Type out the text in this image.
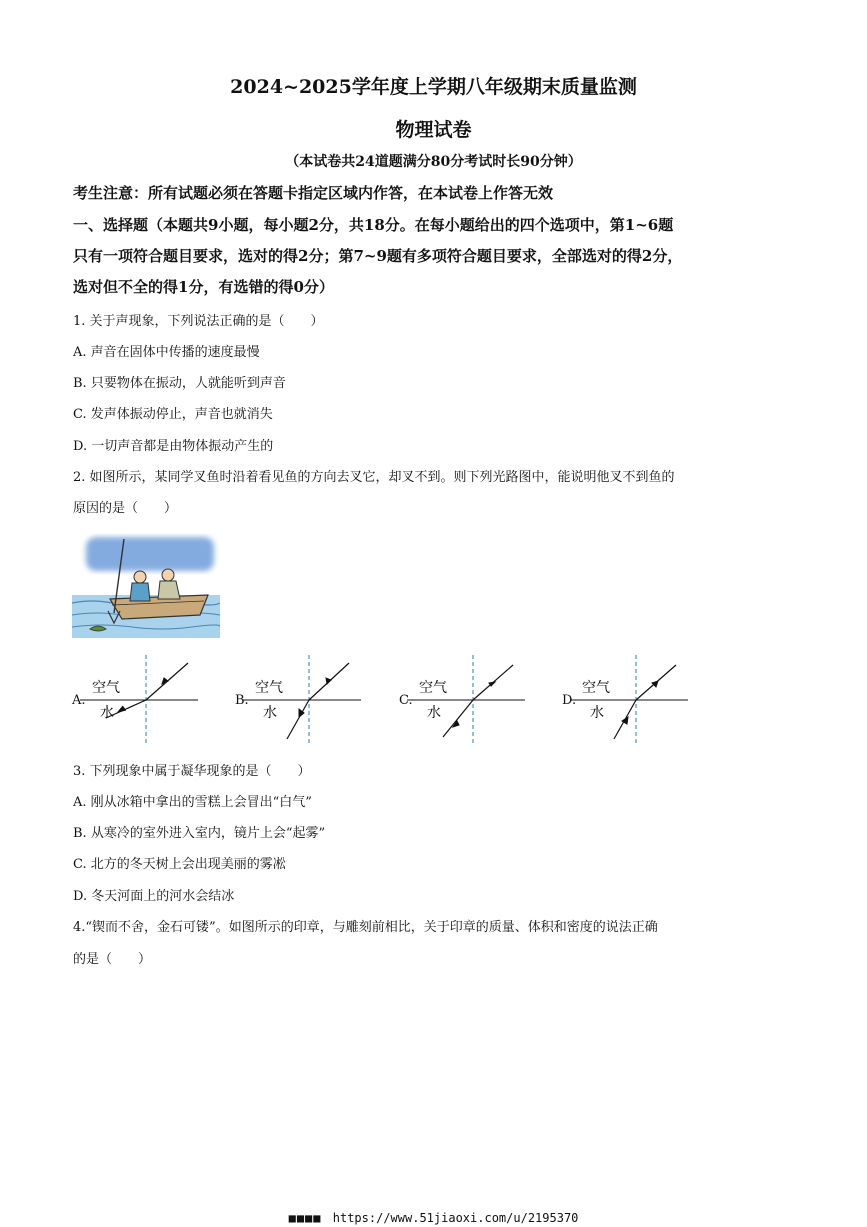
2024~2025学年度上学期八年级期末质量监测
物理试卷
（本试卷共24道题满分80分考试时长90分钟）
考生注意：所有试题必须在答题卡指定区域内作答，在本试卷上作答无效
一、选择题（本题共9小题，每小题2分，共18分。在每小题给出的四个选项中，第1~6题
只有一项符合题目要求，选对的得2分；第7~9题有多项符合题目要求，全部选对的得2分，
选对但不全的得1分，有选错的得0分）
1. 关于声现象，下列说法正确的是（　　）
A. 声音在固体中传播的速度最慢
B. 只要物体在振动，人就能听到声音
C. 发声体振动停止，声音也就消失
D. 一切声音都是由物体振动产生的
2. 如图所示，某同学叉鱼时沿着看见鱼的方向去叉它，却叉不到。则下列光路图中，能说明他叉不到鱼的
原因的是（　　）
A.
空气
水
B.
空气
水
C.
空气
水
D.
空气
水
3. 下列现象中属于凝华现象的是（　　）
A. 刚从冰箱中拿出的雪糕上会冒出“白气”
B. 从寒冷的室外进入室内，镜片上会“起雾”
C. 北方的冬天树上会出现美丽的雾凇
D. 冬天河面上的河水会结冰
4.“锲而不舍，金石可镂”。如图所示的印章，与雕刻前相比，关于印章的质量、体积和密度的说法正确
的是（　　）
■■■■ https://www.51jiaoxi.com/u/2195370
